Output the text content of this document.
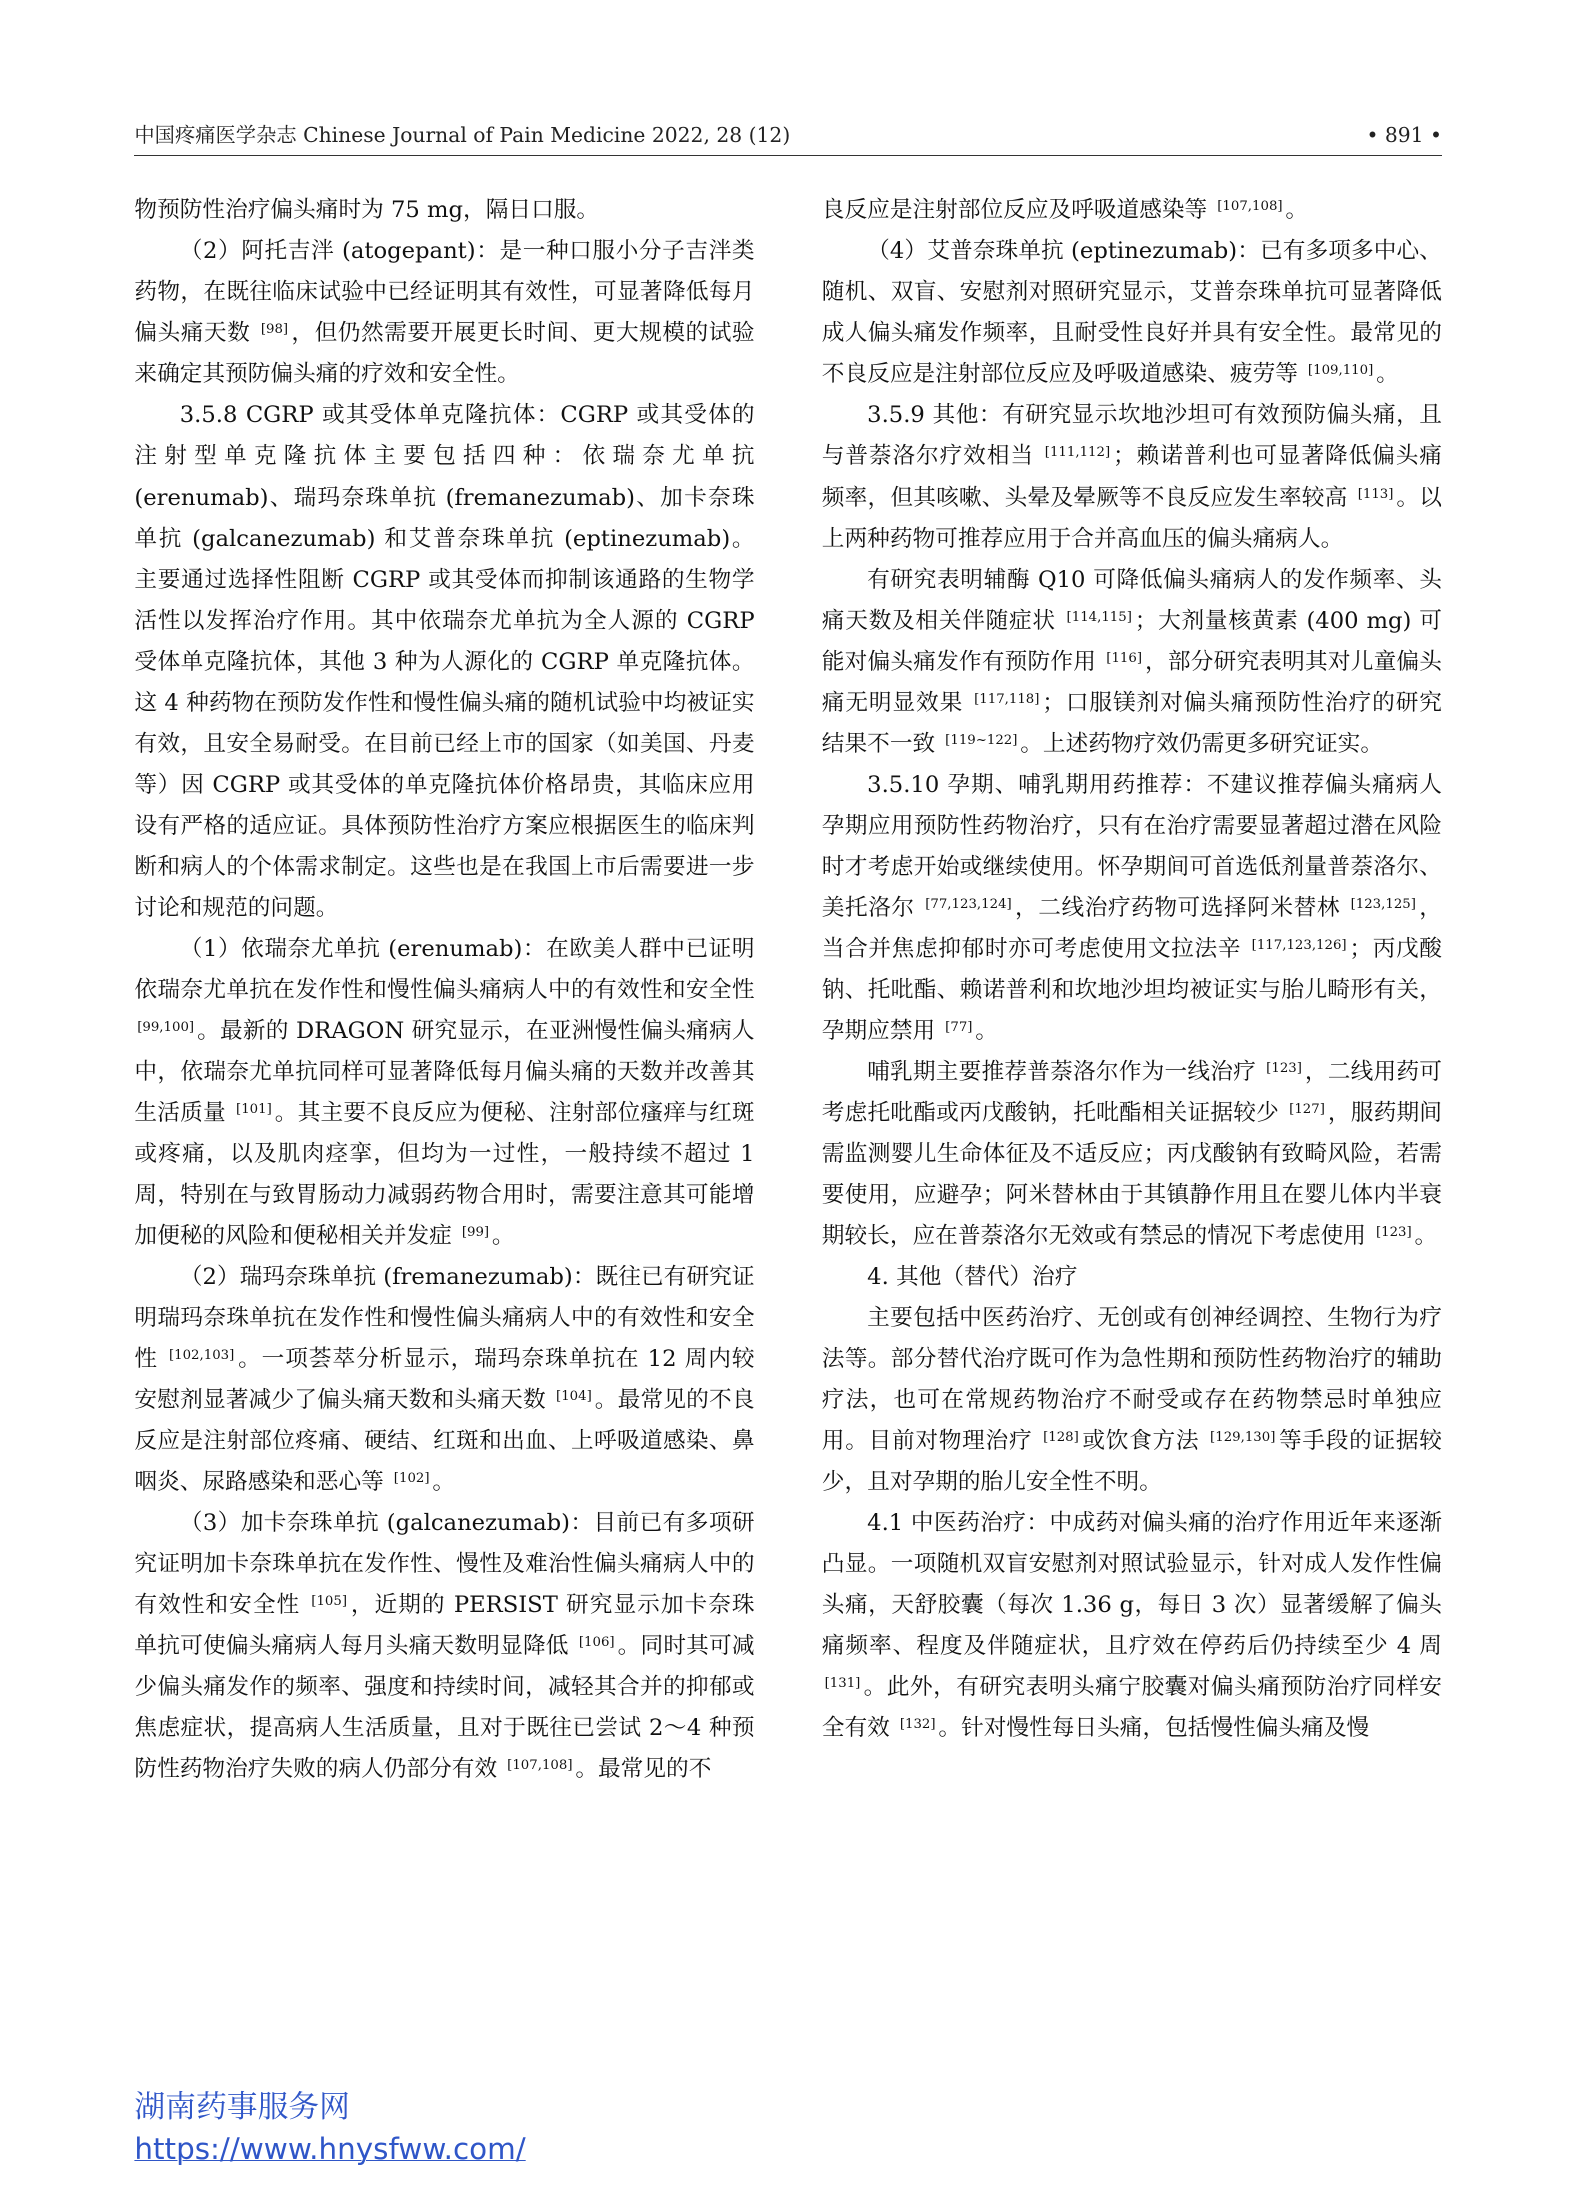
中国疼痛医学杂志 Chinese Journal of Pain Medicine 2022, 28 (12)	• 891 •

物预防性治疗偏头痛时为 75 mg，隔日口服。

（2）阿托吉泮 (atogepant)：是一种口服小分子吉泮类药物，在既往临床试验中已经证明其有效性，可显著降低每月偏头痛天数 [98] ，但仍然需要开展更长时间、更大规模的试验来确定其预防偏头痛的疗效和安全性。

3.5.8 CGRP 或其受体单克隆抗体：CGRP 或其受体的注射型单克隆抗体主要包括四种：依瑞奈尤单抗 (erenumab)、瑞玛奈珠单抗 (fremanezumab)、加卡奈珠单抗 (galcanezumab) 和艾普奈珠单抗 (eptinezumab)。主要通过选择性阻断 CGRP 或其受体而抑制该通路的生物学活性以发挥治疗作用。其中依瑞奈尤单抗为全人源的 CGRP 受体单克隆抗体，其他 3 种为人源化的 CGRP 单克隆抗体。这 4 种药物在预防发作性和慢性偏头痛的随机试验中均被证实有效，且安全易耐受。在目前已经上市的国家（如美国、丹麦等）因 CGRP 或其受体的单克隆抗体价格昂贵，其临床应用设有严格的适应证。具体预防性治疗方案应根据医生的临床判断和病人的个体需求制定。这些也是在我国上市后需要进一步讨论和规范的问题。

（1）依瑞奈尤单抗 (erenumab)：在欧美人群中已证明依瑞奈尤单抗在发作性和慢性偏头痛病人中的有效性和安全性 [99,100] 。最新的 DRAGON 研究显示，在亚洲慢性偏头痛病人中，依瑞奈尤单抗同样可显著降低每月偏头痛的天数并改善其生活质量 [101] 。其主要不良反应为便秘、注射部位瘙痒与红斑或疼痛，以及肌肉痉挛，但均为一过性，一般持续不超过 1 周，特别在与致胃肠动力减弱药物合用时，需要注意其可能增加便秘的风险和便秘相关并发症 [99] 。

（2）瑞玛奈珠单抗 (fremanezumab)：既往已有研究证明瑞玛奈珠单抗在发作性和慢性偏头痛病人中的有效性和安全性 [102,103] 。一项荟萃分析显示，瑞玛奈珠单抗在 12 周内较安慰剂显著减少了偏头痛天数和头痛天数 [104] 。最常见的不良反应是注射部位疼痛、硬结、红斑和出血、上呼吸道感染、鼻咽炎、尿路感染和恶心等 [102] 。

（3）加卡奈珠单抗 (galcanezumab)：目前已有多项研究证明加卡奈珠单抗在发作性、慢性及难治性偏头痛病人中的有效性和安全性 [105] ，近期的 PERSIST 研究显示加卡奈珠单抗可使偏头痛病人每月头痛天数明显降低 [106] 。同时其可减少偏头痛发作的频率、强度和持续时间，减轻其合并的抑郁或焦虑症状，提高病人生活质量，且对于既往已尝试 2～4 种预防性药物治疗失败的病人仍部分有效 [107,108] 。最常见的不

良反应是注射部位反应及呼吸道感染等 [107,108] 。

（4）艾普奈珠单抗 (eptinezumab)：已有多项多中心、随机、双盲、安慰剂对照研究显示，艾普奈珠单抗可显著降低成人偏头痛发作频率，且耐受性良好并具有安全性。最常见的不良反应是注射部位反应及呼吸道感染、疲劳等 [109,110] 。

3.5.9 其他：有研究显示坎地沙坦可有效预防偏头痛，且与普萘洛尔疗效相当 [111,112] ；赖诺普利也可显著降低偏头痛频率，但其咳嗽、头晕及晕厥等不良反应发生率较高 [113] 。以上两种药物可推荐应用于合并高血压的偏头痛病人。

有研究表明辅酶 Q10 可降低偏头痛病人的发作频率、头痛天数及相关伴随症状 [114,115] ；大剂量核黄素 (400 mg) 可能对偏头痛发作有预防作用 [116] ，部分研究表明其对儿童偏头痛无明显效果 [117,118] ；口服镁剂对偏头痛预防性治疗的研究结果不一致 [119~122] 。上述药物疗效仍需更多研究证实。

3.5.10 孕期、哺乳期用药推荐：不建议推荐偏头痛病人孕期应用预防性药物治疗，只有在治疗需要显著超过潜在风险时才考虑开始或继续使用。怀孕期间可首选低剂量普萘洛尔、美托洛尔 [77,123,124] ，二线治疗药物可选择阿米替林 [123,125] ，当合并焦虑抑郁时亦可考虑使用文拉法辛 [117,123,126] ；丙戊酸钠、托吡酯、赖诺普利和坎地沙坦均被证实与胎儿畸形有关，孕期应禁用 [77] 。

哺乳期主要推荐普萘洛尔作为一线治疗 [123] ，二线用药可考虑托吡酯或丙戊酸钠，托吡酯相关证据较少 [127] ，服药期间需监测婴儿生命体征及不适反应；丙戊酸钠有致畸风险，若需要使用，应避孕；阿米替林由于其镇静作用且在婴儿体内半衰期较长，应在普萘洛尔无效或有禁忌的情况下考虑使用 [123] 。

4. 其他（替代）治疗

主要包括中医药治疗、无创或有创神经调控、生物行为疗法等。部分替代治疗既可作为急性期和预防性药物治疗的辅助疗法，也可在常规药物治疗不耐受或存在药物禁忌时单独应用。目前对物理治疗 [128] 或饮食方法 [129,130] 等手段的证据较少，且对孕期的胎儿安全性不明。

4.1 中医药治疗：中成药对偏头痛的治疗作用近年来逐渐凸显。一项随机双盲安慰剂对照试验显示，针对成人发作性偏头痛，天舒胶囊（每次 1.36 g，每日 3 次）显著缓解了偏头痛频率、程度及伴随症状，且疗效在停药后仍持续至少 4 周 [131] 。此外，有研究表明头痛宁胶囊对偏头痛预防治疗同样安全有效 [132] 。针对慢性每日头痛，包括慢性偏头痛及慢

湖南药事服务网
https://www.hnysfww.com/
